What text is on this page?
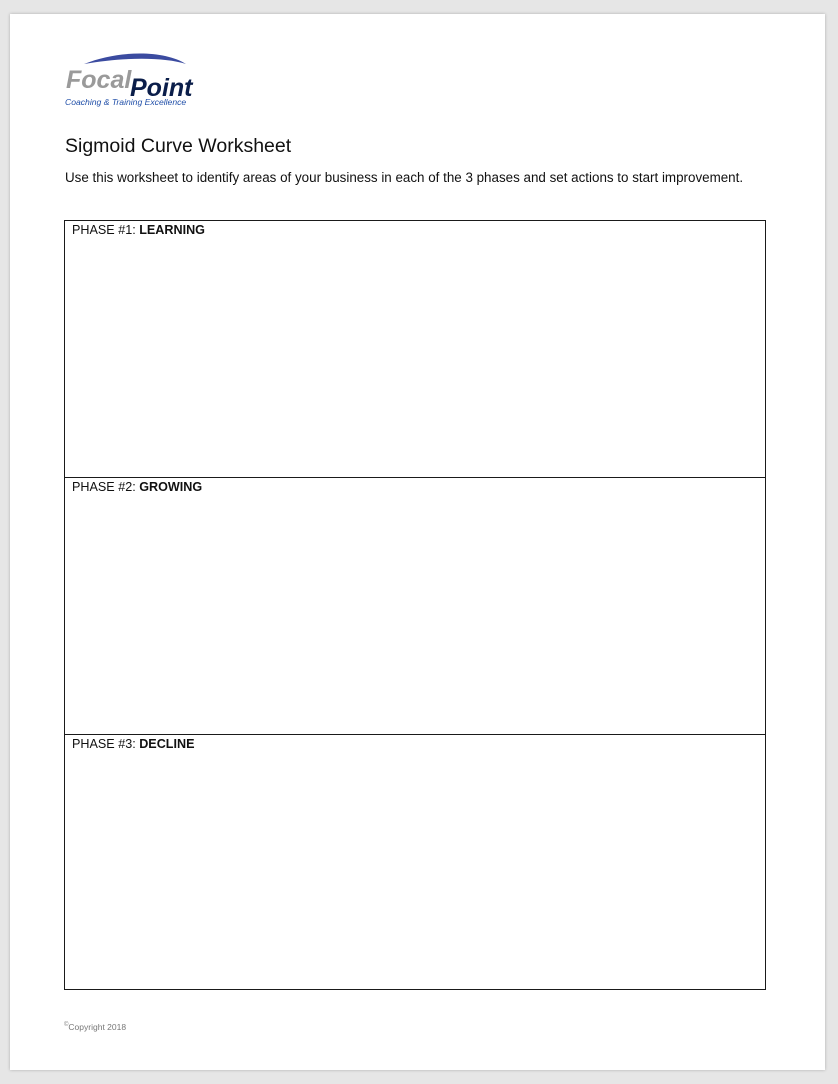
Focal
Point
Coaching & Training Excellence
Sigmoid Curve Worksheet
Use this worksheet to identify areas of your business in each of the 3 phases and set actions to start improvement.
PHASE #1: LEARNING
PHASE #2: GROWING
PHASE #3: DECLINE
©Copyright 2018
